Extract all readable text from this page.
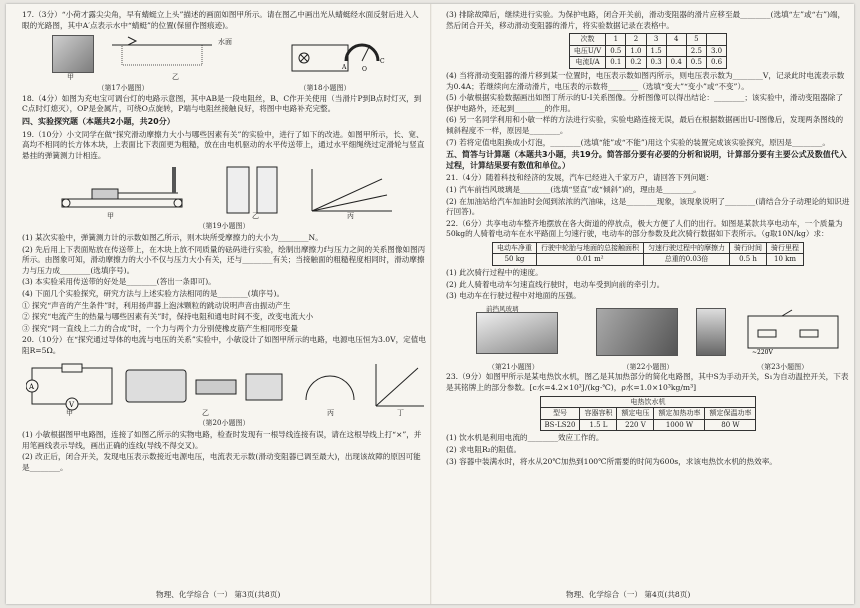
17.（3分）“小荷才露尖尖角，早有蜻蜓立上头”描述的画面如图甲所示。请在图乙中画出光从蜻蜓经水面反射后进入人眼的光路图，其中A′点表示水中“蜻蜓”的位置(保留作图痕迹)。

水面
甲	乙
C
A	O
（第17小题图）	（第18小题图）

18.（4分）如图为充电宝可调台灯的电路示意图，其中AB是一段电阻丝，B、C作开关使用（当滑片P到B点时灯灭，到C点时灯熄灭），OP是金属片，可绕O点旋转，P端与电阻丝接触良好，将图中电路补充完整。

四、实验探究题（本题共2小题，共20分）

19.（10分）小文同学在做“探究滑动摩擦力大小与哪些因素有关”的实验中，进行了如下的改进。如图甲所示，长、宽、高均不相同的长方体木块，上表面比下表面更为粗糙，放在由电机驱动的水平传送带上，通过水平细绳绕过定滑轮与竖直悬挂的弹簧测力计相连。

甲	乙	丙

（第19小题图）

(1) 某次实验中，弹簧测力计的示数如图乙所示，则木块所受摩擦力的大小为________N。

(2) 先后用上下表面贴放在传送带上，在木块上放不同质量的砝码进行实验，绘制出摩擦力f与压力之间的关系图像如图丙所示。由图象可知，滑动摩擦力的大小不仅与压力大小有关，还与________有关；当接触面的粗糙程度相同时，滑动摩擦力与压力成________(选填序号)。

(3) 本实验采用传送带的好处是________(答出一条即可)。

(4) 下面几个实验探究，研究方法与上述实验方法相同的是________(填序号)。

① 探究“声音的产生条件”时，利用扬声器上泡沫颗粒的跳动说明声音由振动产生

② 探究“电流产生的热量与哪些因素有关”时，保持电阻和通电时间不变，改变电流大小

③ 探究“同一直线上二力的合成”时，一个力与两个力分别使橡皮筋产生相同形变量

20.（10分）在“探究通过导体的电流与电压的关系”实验中，小敏设计了如图甲所示的电路，电源电压恒为3.0V，定值电阻R=5Ω。

A
V
甲	乙	丙	丁

（第20小题图）

(1) 小敏根据图甲电路图，连接了如图乙所示的实物电路，检查时发现有一根导线连接有误，请在这根导线上打“×”，并用笔画线表示导线，画出正确的连线(导线不得交叉)。

(2) 改正后，闭合开关，发现电压表示数接近电源电压，电流表无示数(滑动变阻器已调至最大)，出现该故障的原因可能是________。

物理、化学综合（一） 第3页(共8页)

(3) 排除故障后，继续进行实验。为保护电路，闭合开关前，滑动变阻器的滑片应移至最________(选填“左”或“右”)端，然后闭合开关，移动滑动变阻器的滑片，将实验数据记录在表格中。

次数	1	2	3	4	5	
电压U/V	0.5	1.0	1.5		2.5	3.0
电流I/A	0.1	0.2	0.3	0.4	0.5	0.6

(4) 当将滑动变阻器的滑片移到某一位置时，电压表示数如图丙所示，则电压表示数为________V，记录此时电流表示数为0.4A；若继续向左滑动滑片，电压表的示数将________（选填“变大”“变小”或“不变”）。

(5) 小敏根据实验数据画出如图丁所示的U-I关系图像。分析图像可以得出结论：________；该实验中，滑动变阻器除了保护电路外，还起到________的作用。

(6) 另一名同学利用和小敏一样的方法进行实验，实验电路连接无误，最后在根据数据画出U-I图像后，发现两条图线的倾斜程度不一样，原因是________。

(7) 若将定值电阻换成小灯泡，________(选填“能”或“不能”)用这个实验的装置完成该实验探究，原因是________。

五、简答与计算题（本题共3小题，共19分。简答部分要有必要的分析和说明，计算部分要有主要公式及数值代入过程，计算结果要有数值和单位。）

21.（4分）随着科技和经济的发展，汽车已经进入千家万户，请回答下列问题：

(1) 汽车前挡风玻璃是________(选填“竖直”或“倾斜”)的，理由是________。

(2) 在加油站给汽车加油时会闻到浓浓的汽油味，这是________现象，该现象说明了________(请结合分子动理论的知识进行回答)。

22.（6分）共享电动车整齐地摆放在各大街道的停放点，极大方便了人们的出行。如图是某款共享电动车，一个质量为50kg的人骑着电动车在水平路面上匀速行驶，电动车的部分参数及此次骑行数据如下表所示。（g取10N/kg）求：

电动车净重	行驶中轮胎与地面的总接触面积	匀速行驶过程中的摩擦力	骑行时间	骑行里程
50 kg	0.01 m²	总重的0.03倍	0.5 h	10 km

(1) 此次骑行过程中的速度。

(2) 此人骑着电动车匀速直线行驶时，电动车受到向前的牵引力。

(3) 电动车在行驶过程中对地面的压强。

前挡风玻璃
~220V
（第21小题图）	（第22小题图）	（第23小题图）

23.（9分）如图甲所示是某电热饮水机，图乙是其加热部分的简化电路图，其中S为手动开关，S₁为自动温控开关，下表是其铭牌上的部分参数。[c水=4.2×10³J/(kg·℃)，ρ水=1.0×10³kg/m³]

电热饮水机				
型号	容器容积	额定电压	额定加热功率	额定保温功率
BS-LS20	1.5 L	220 V	1000 W	80 W

(1) 饮水机是利用电流的________效应工作的。

(2) 求电阻R₂的阻值。

(3) 容器中装满水时，将水从20℃加热到100℃所需要的时间为600s，求该电热饮水机的热效率。

物理、化学综合（一） 第4页(共8页)
